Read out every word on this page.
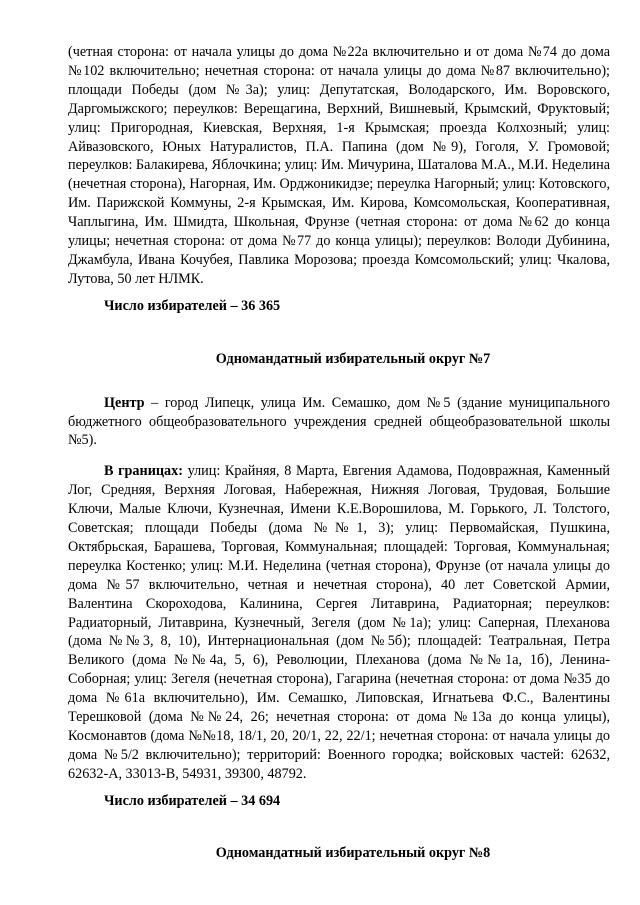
(четная сторона: от начала улицы до дома №22а включительно и от дома №74 до дома №102 включительно; нечетная сторона: от начала улицы до дома №87 включительно); площади Победы (дом №3а); улиц: Депутатская, Володарского, Им. Воровского, Даргомыжского; переулков: Верещагина, Верхний, Вишневый, Крымский, Фруктовый; улиц: Пригородная, Киевская, Верхняя, 1-я Крымская; проезда Колхозный; улиц: Айвазовского, Юных Натуралистов, П.А. Папина (дом №9), Гоголя, У. Громовой; переулков: Балакирева, Яблочкина; улиц: Им. Мичурина, Шаталова М.А., М.И. Неделина (нечетная сторона), Нагорная, Им. Орджоникидзе; переулка Нагорный; улиц: Котовского, Им. Парижской Коммуны, 2-я Крымская, Им. Кирова, Комсомольская, Кооперативная, Чаплыгина, Им. Шмидта, Школьная, Фрунзе (четная сторона: от дома №62 до конца улицы; нечетная сторона: от дома №77 до конца улицы); переулков: Володи Дубинина, Джамбула, Ивана Кочубея, Павлика Морозова; проезда Комсомольский; улиц: Чкалова, Лутова, 50 лет НЛМК.

Число избирателей – 36 365

Одномандатный избирательный округ №7

Центр – город Липецк, улица Им. Семашко, дом №5 (здание муниципального бюджетного общеобразовательного учреждения средней общеобразовательной школы №5).

В границах: улиц: Крайняя, 8 Марта, Евгения Адамова, Подовражная, Каменный Лог, Средняя, Верхняя Логовая, Набережная, Нижняя Логовая, Трудовая, Большие Ключи, Малые Ключи, Кузнечная, Имени К.Е.Ворошилова, М. Горького, Л. Толстого, Советская; площади Победы (дома №№1, 3); улиц: Первомайская, Пушкина, Октябрьская, Барашева, Торговая, Коммунальная; площадей: Торговая, Коммунальная; переулка Костенко; улиц: М.И. Неделина (четная сторона), Фрунзе (от начала улицы до дома №57 включительно, четная и нечетная сторона), 40 лет Советской Армии, Валентина Скороходова, Калинина, Сергея Литаврина, Радиаторная; переулков: Радиаторный, Литаврина, Кузнечный, Зегеля (дом №1а); улиц: Саперная, Плеханова (дома №№3, 8, 10), Интернациональная (дом №5б); площадей: Театральная, Петра Великого (дома №№4а, 5, 6), Революции, Плеханова (дома №№1а, 1б), Ленина-Соборная; улиц: Зегеля (нечетная сторона), Гагарина (нечетная сторона: от дома №35 до дома №61а включительно), Им. Семашко, Липовская, Игнатьева Ф.С., Валентины Терешковой (дома №№24, 26; нечетная сторона: от дома №13а до конца улицы), Космонавтов (дома №№18, 18/1, 20, 20/1, 22, 22/1; нечетная сторона: от начала улицы до дома №5/2 включительно); территорий: Военного городка; войсковых частей: 62632, 62632-А, 33013-В, 54931, 39300, 48792.

Число избирателей – 34 694

Одномандатный избирательный округ №8
